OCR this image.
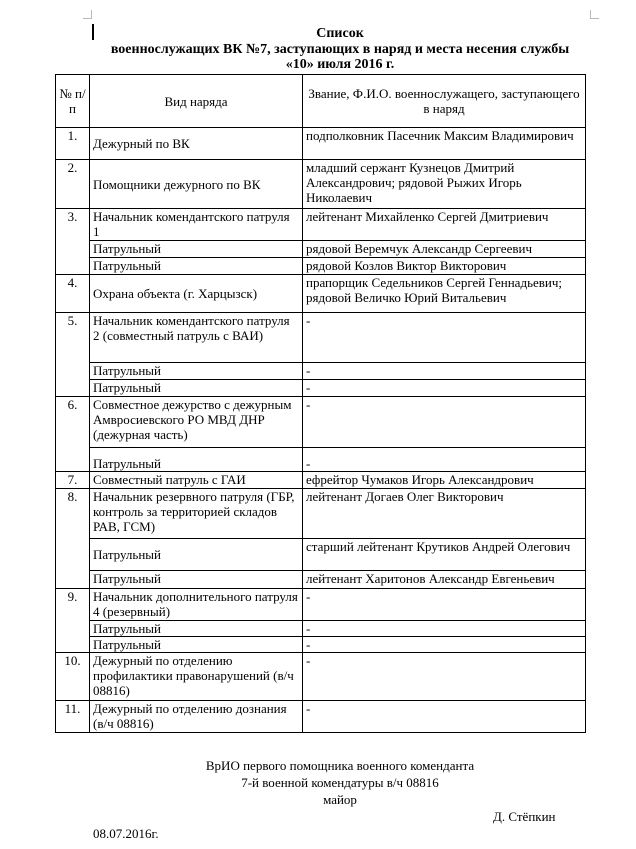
Список
военнослужащих ВК №7, заступающих в наряд и места несения службы
«10» июля 2016 г.
№ п/п	Вид наряда	Звание, Ф.И.О. военнослужащего, заступающего в наряд
1.	Дежурный по ВК	подполковник Пасечник Максим Владимирович
2.	Помощники дежурного по ВК	младший сержант Кузнецов Дмитрий Александрович; рядовой Рыжих Игорь Николаевич
3.	Начальник комендантского патруля 1	лейтенант Михайленко Сергей Дмитриевич
	Патрульный	рядовой Веремчук Александр Сергеевич
	Патрульный	рядовой Козлов Виктор Викторович
4.	Охрана объекта (г. Харцызск)	прапорщик Седельников Сергей Геннадьевич; рядовой Величко Юрий Витальевич
5.	Начальник комендантского патруля 2 (совместный патруль с ВАИ)	-
	Патрульный	-
	Патрульный	-
6.	Совместное дежурство с дежурным Амвросиевского РО МВД ДНР (дежурная часть)	-
	Патрульный	-
7.	Совместный патруль с ГАИ	ефрейтор Чумаков Игорь Александрович
8.	Начальник резервного патруля (ГБР, контроль за территорией складов РАВ, ГСМ)	лейтенант Догаев Олег Викторович
	Патрульный	старший лейтенант Крутиков Андрей Олегович
	Патрульный	лейтенант Харитонов Александр Евгеньевич
9.	Начальник дополнительного патруля 4 (резервный)	-
	Патрульный	-
	Патрульный	-
10.	Дежурный по отделению профилактики правонарушений (в/ч 08816)	-
11.	Дежурный по отделению дознания (в/ч 08816)	-
ВрИО первого помощника военного коменданта
7-й военной комендатуры в/ч 08816
майор
Д. Стёпкин
08.07.2016г.
